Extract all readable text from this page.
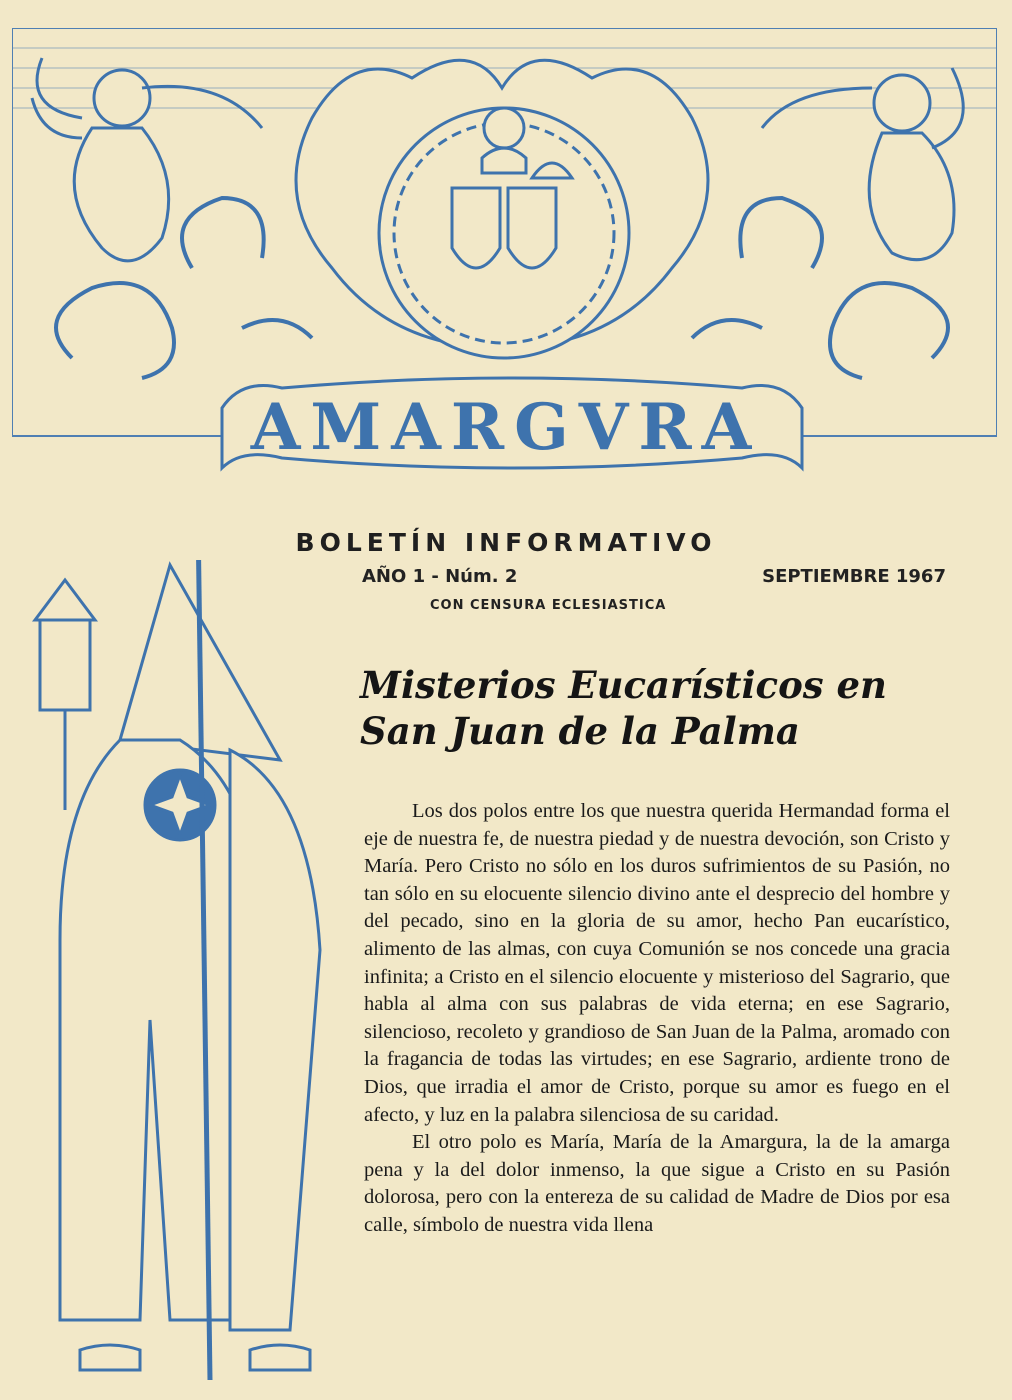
AMARGVRA
BOLETÍN INFORMATIVO
AÑO 1 - Núm. 2	SEPTIEMBRE 1967
CON CENSURA ECLESIASTICA
Misterios Eucarísticos en
San Juan de la Palma

Los dos polos entre los que nuestra querida Hermandad forma el eje de nuestra fe, de nuestra piedad y de nuestra devoción, son Cristo y María. Pero Cristo no sólo en los duros sufrimientos de su Pasión, no tan sólo en su elocuente silencio divino ante el desprecio del hombre y del pecado, sino en la gloria de su amor, hecho Pan eucarístico, alimento de las almas, con cuya Comunión se nos concede una gracia infinita; a Cristo en el silencio elocuente y misterioso del Sagrario, que habla al alma con sus palabras de vida eterna; en ese Sagrario, silencioso, recoleto y grandioso de San Juan de la Palma, aromado con la fragancia de todas las virtudes; en ese Sagrario, ardiente trono de Dios, que irradia el amor de Cristo, porque su amor es fuego en el afecto, y luz en la palabra silenciosa de su caridad.

El otro polo es María, María de la Amargura, la de la amarga pena y la del dolor inmenso, la que sigue a Cristo en su Pasión dolorosa, pero con la entereza de su calidad de Madre de Dios por esa calle, símbolo de nuestra vida llena
